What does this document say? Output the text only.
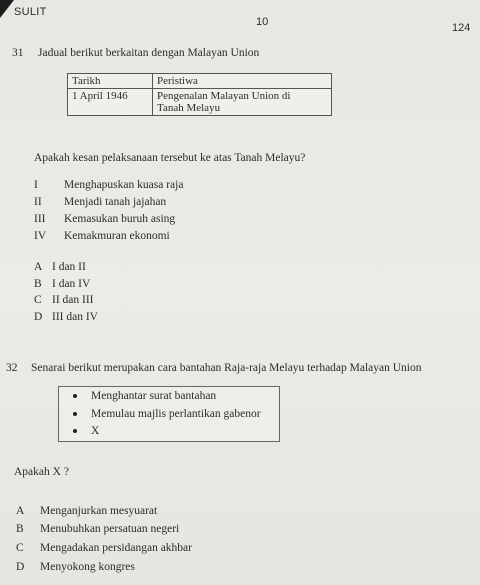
SULIT
10	124
31 Jadual berikut berkaitan dengan Malayan Union
Tarikh	Peristiwa
1 April 1946	Pengenalan Malayan Union di
Tanah Melayu
Apakah kesan pelaksanaan tersebut ke atas Tanah Melayu?
I Menghapuskan kuasa raja
II Menjadi tanah jajahan
III Kemasukan buruh asing
IV Kemakmuran ekonomi
A I dan II
B I dan IV
C II dan III
D III dan IV
32 Senarai berikut merupakan cara bantahan Raja-raja Melayu terhadap Malayan Union
Menghantar surat bantahan
Memulau majlis perlantikan gabenor
X
Apakah X ?
A Menganjurkan mesyuarat
B Menubuhkan persatuan negeri
C Mengadakan persidangan akhbar
D Menyokong kongres
